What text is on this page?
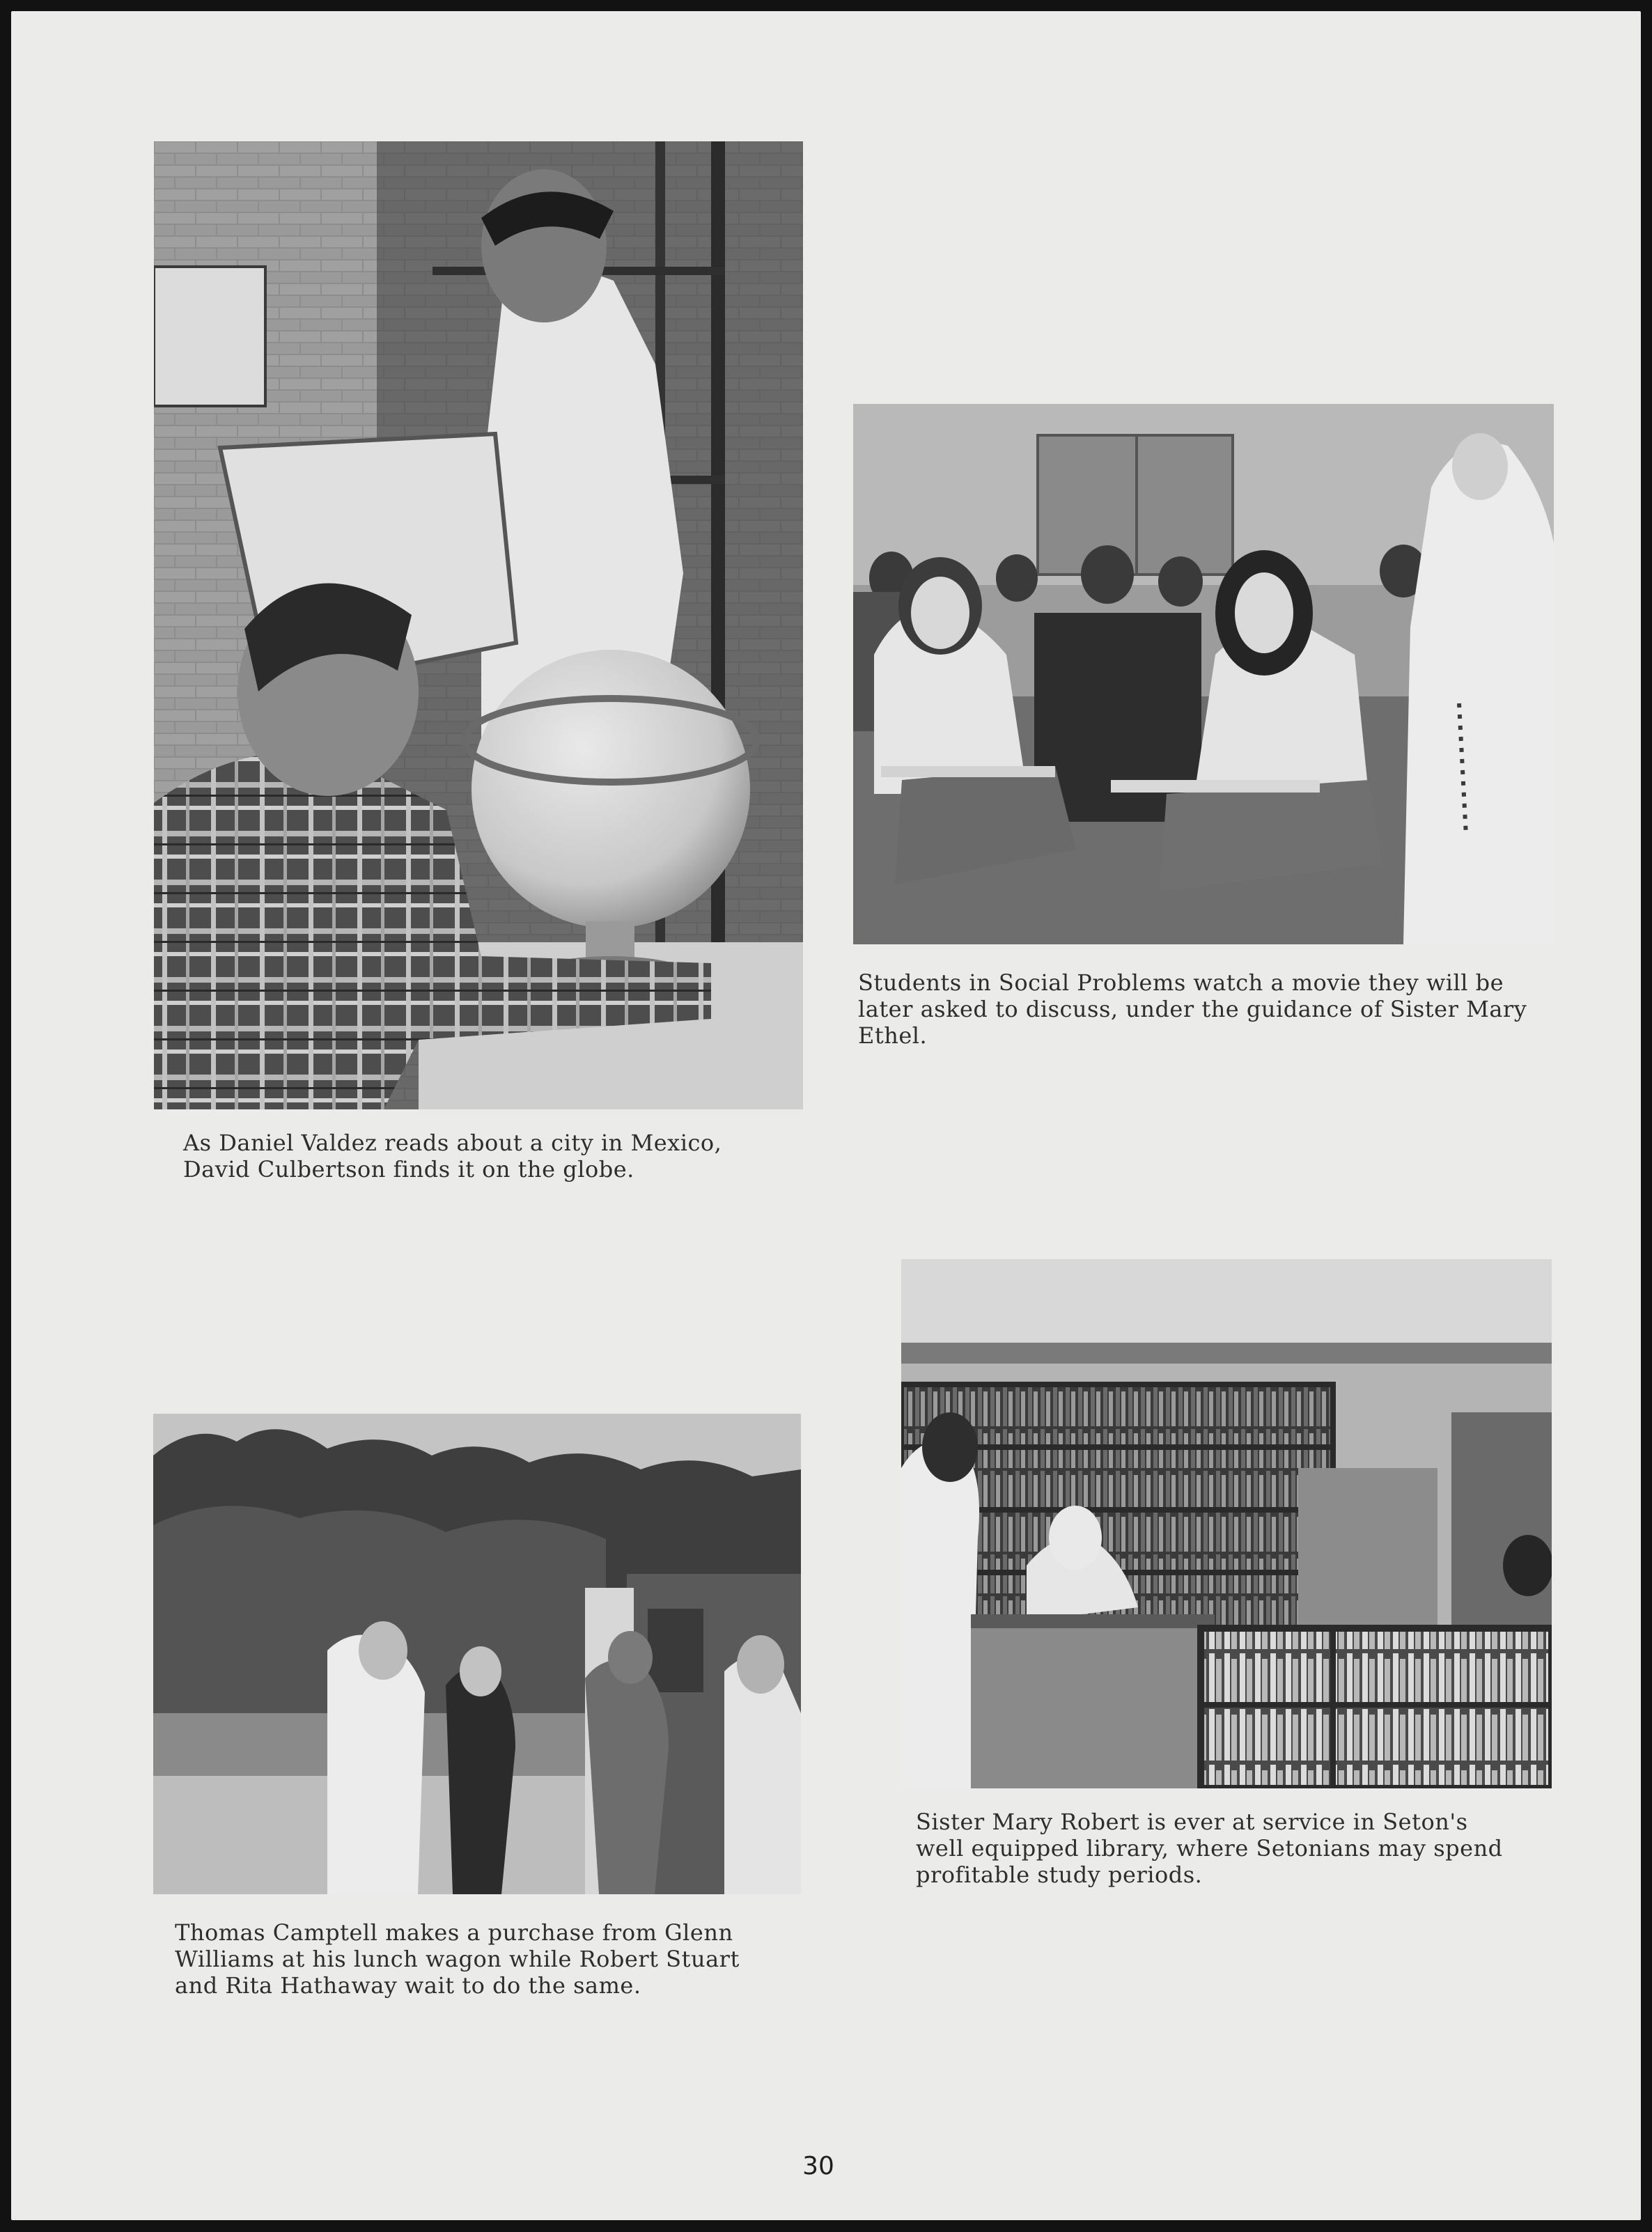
As Daniel Valdez reads about a city in Mexico,
David Culbertson finds it on the globe.
Students in Social Problems watch a movie they will be
later asked to discuss, under the guidance of Sister Mary
Ethel.
Thomas Camptell makes a purchase from Glenn
Williams at his lunch wagon while Robert Stuart
and Rita Hathaway wait to do the same.
Sister Mary Robert is ever at service in Seton's
well equipped library, where Setonians may spend
profitable study periods.
30
